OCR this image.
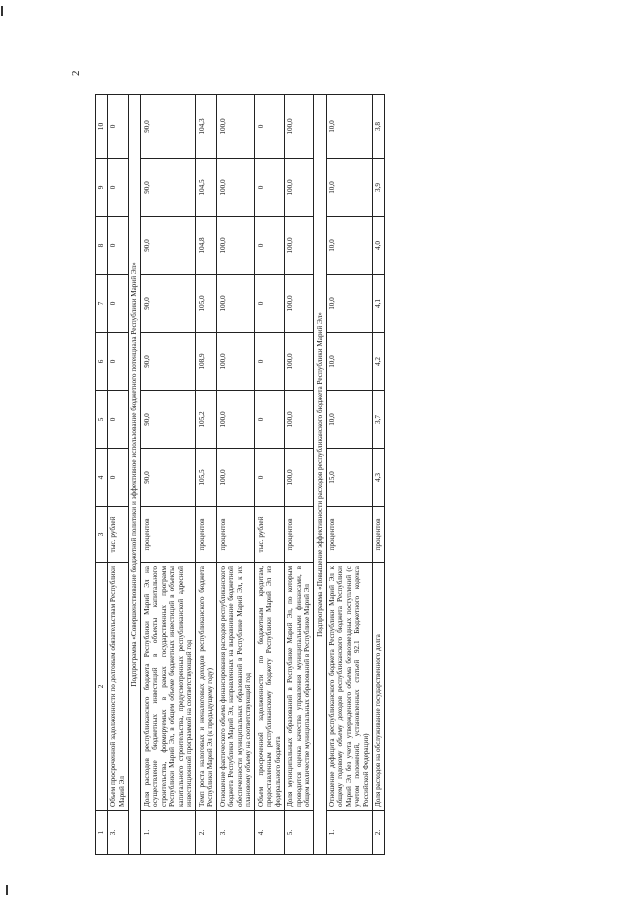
2
1	2	3	4	5	6	7	8	9	10
3.	Объем просроченной задолженности по долговым обязательствам Республики Марий Эл	тыс. рублей	0	0	0	0	0	0	0
Подпрограмма «Совершенствование бюджетной политики и эффективное использование бюджетного потенциала Республики Марий Эл»									
1.	Доля расходов республиканского бюджета Республики Марий Эл на осуществление бюджетных инвестиций в объекты капитального строительства, формируемых в рамках государственных программ Республики Марий Эл, в общем объеме бюджетных инвестиций в объекты капитального строительства, предусмотренных республиканской адресной инвестиционной программой на соответствующий год	процентов	90,0	90,0	90,0	90,0	90,0	90,0	90,0
2.	Темп роста налоговых и неналоговых доходов республиканского бюджета Республики Марий Эл (к предыдущему году)	процентов	105,5	105,2	108,9	105,0	104,8	104,5	104,3
3.	Отношение фактического объема финансирования расходов республиканского бюджета Республики Марий Эл, направленных на выравнивание бюджетной обеспеченности муниципальных образований в Республике Марий Эл, к их плановому объему на соответствующий год	процентов	100,0	100,0	100,0	100,0	100,0	100,0	100,0
4.	Объем просроченной задолженности по бюджетным кредитам, предоставленным республиканскому бюджету Республики Марий Эл из федерального бюджета	тыс. рублей	0	0	0	0	0	0	0
5.	Доля муниципальных образований в Республике Марий Эл, по которым проводится оценка качества управления муниципальными финансами, в общем количестве муниципальных образований в Республике Марий Эл	процентов	100,0	100,0	100,0	100,0	100,0	100,0	100,0
Подпрограмма «Повышение эффективности расходов республиканского бюджета Республики Марий Эл»									
1.	Отношение дефицита республиканского бюджета Республики Марий Эл к общему годовому объему доходов республиканского бюджета Республики Марий Эл без учета утвержденного объема безвозмездных поступлений (с учетом положений, установленных статьей 92.1 Бюджетного кодекса Российской Федерации)	процентов	15,0	10,0	10,0	10,0	10,0	10,0	10,0
2.	Доля расходов на обслуживание государственного долга	процентов	4,3	3,7	4,2	4,1	4,0	3,9	3,8
